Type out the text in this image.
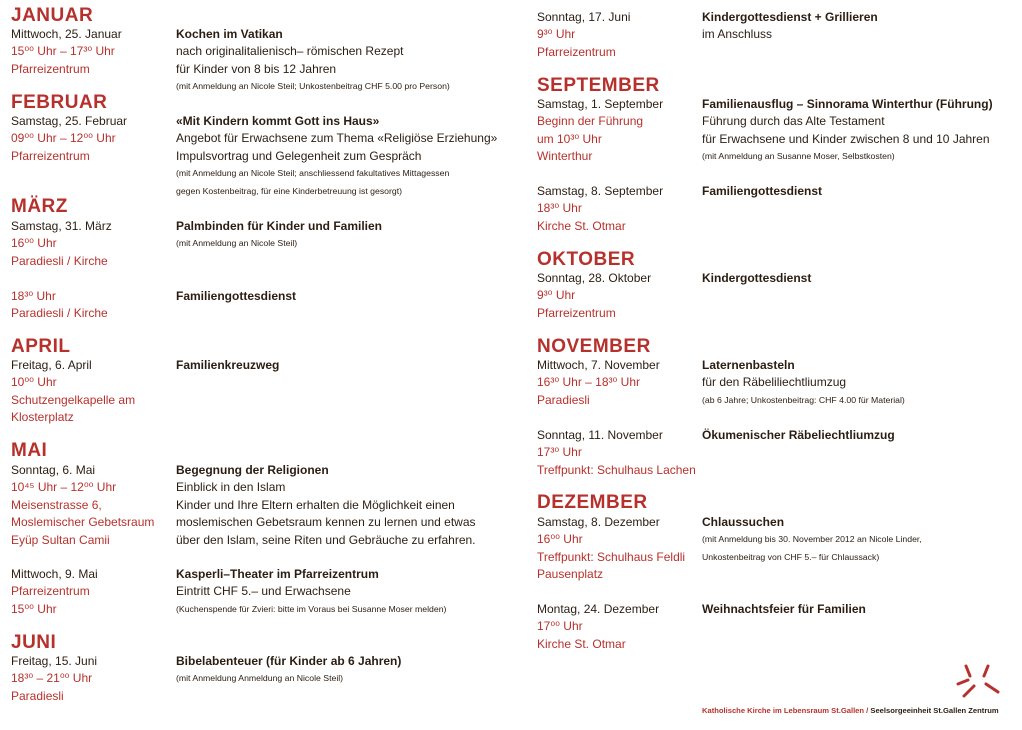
JANUAR
Mittwoch, 25. Januar
15⁰⁰ Uhr – 17³⁰ Uhr
Pfarreizentrum
Kochen im Vatikan
nach originalitalienisch– römischen Rezept
für Kinder von 8 bis 12 Jahren
(mit Anmeldung an Nicole Steil; Unkostenbeitrag CHF 5.00 pro Person)
FEBRUAR
Samstag, 25. Februar
09⁰⁰ Uhr – 12⁰⁰ Uhr
Pfarreizentrum
«Mit Kindern kommt Gott ins Haus»
Angebot für Erwachsene zum Thema «Religiöse Erziehung»
Impulsvortrag und Gelegenheit zum Gespräch
(mit Anmeldung an Nicole Steil; anschliessend fakultatives Mittagessen
gegen Kostenbeitrag, für eine Kinderbetreuung ist gesorgt)
MÄRZ
Samstag, 31. März
16⁰⁰ Uhr
Paradiesli / Kirche
Palmbinden für Kinder und Familien
(mit Anmeldung an Nicole Steil)
18³⁰ Uhr
Paradiesli / Kirche
Familiengottesdienst
APRIL
Freitag, 6. April
10⁰⁰ Uhr
Schutzengelkapelle am
Klosterplatz
Familienkreuzweg
MAI
Sonntag, 6. Mai
10⁴⁵ Uhr – 12⁰⁰ Uhr
Meisenstrasse 6,
Moslemischer Gebetsraum
Eyüp Sultan Camii
Begegnung der Religionen
Einblick in den Islam
Kinder und Ihre Eltern erhalten die Möglichkeit einen
moslemischen Gebetsraum kennen zu lernen und etwas
über den Islam, seine Riten und Gebräuche zu erfahren.
Mittwoch, 9. Mai
Pfarreizentrum
15⁰⁰ Uhr
Kasperli–Theater im Pfarreizentrum
Eintritt CHF 5.– und Erwachsene
(Kuchenspende für Zvieri: bitte im Voraus bei Susanne Moser melden)
JUNI
Freitag, 15. Juni
18³⁰ – 21⁰⁰ Uhr
Paradiesli
Bibelabenteuer (für Kinder ab 6 Jahren)
(mit Anmeldung Anmeldung an Nicole Steil)
Sonntag, 17. Juni
9³⁰ Uhr
Pfarreizentrum
Kindergottesdienst + Grillieren
im Anschluss
SEPTEMBER
Samstag, 1. September
Beginn der Führung
um 10³⁰ Uhr
Winterthur
Familienausflug – Sinnorama Winterthur (Führung)
Führung durch das Alte Testament
für Erwachsene und Kinder zwischen 8 und 10 Jahren
(mit Anmeldung an Susanne Moser, Selbstkosten)
Samstag, 8. September
18³⁰ Uhr
Kirche St. Otmar
Familiengottesdienst
OKTOBER
Sonntag, 28. Oktober
9³⁰ Uhr
Pfarreizentrum
Kindergottesdienst
NOVEMBER
Mittwoch, 7. November
16³⁰ Uhr – 18³⁰ Uhr
Paradiesli
Laternenbasteln
für den Räbeliliechtliumzug
(ab 6 Jahre; Unkostenbeitrag: CHF 4.00 für Material)
Sonntag, 11. November
17³⁰ Uhr
Treffpunkt: Schulhaus Lachen
Ökumenischer Räbeliechtliumzug
DEZEMBER
Samstag, 8. Dezember
16⁰⁰ Uhr
Treffpunkt: Schulhaus Feldli
Pausenplatz
Chlaussuchen
(mit Anmeldung bis 30. November 2012 an Nicole Linder,
Unkostenbeitrag von CHF 5.– für Chlaussack)
Montag, 24. Dezember
17⁰⁰ Uhr
Kirche St. Otmar
Weihnachtsfeier für Familien
Katholische Kirche im Lebensraum St.Gallen / Seelsorgeeinheit St.Gallen Zentrum
